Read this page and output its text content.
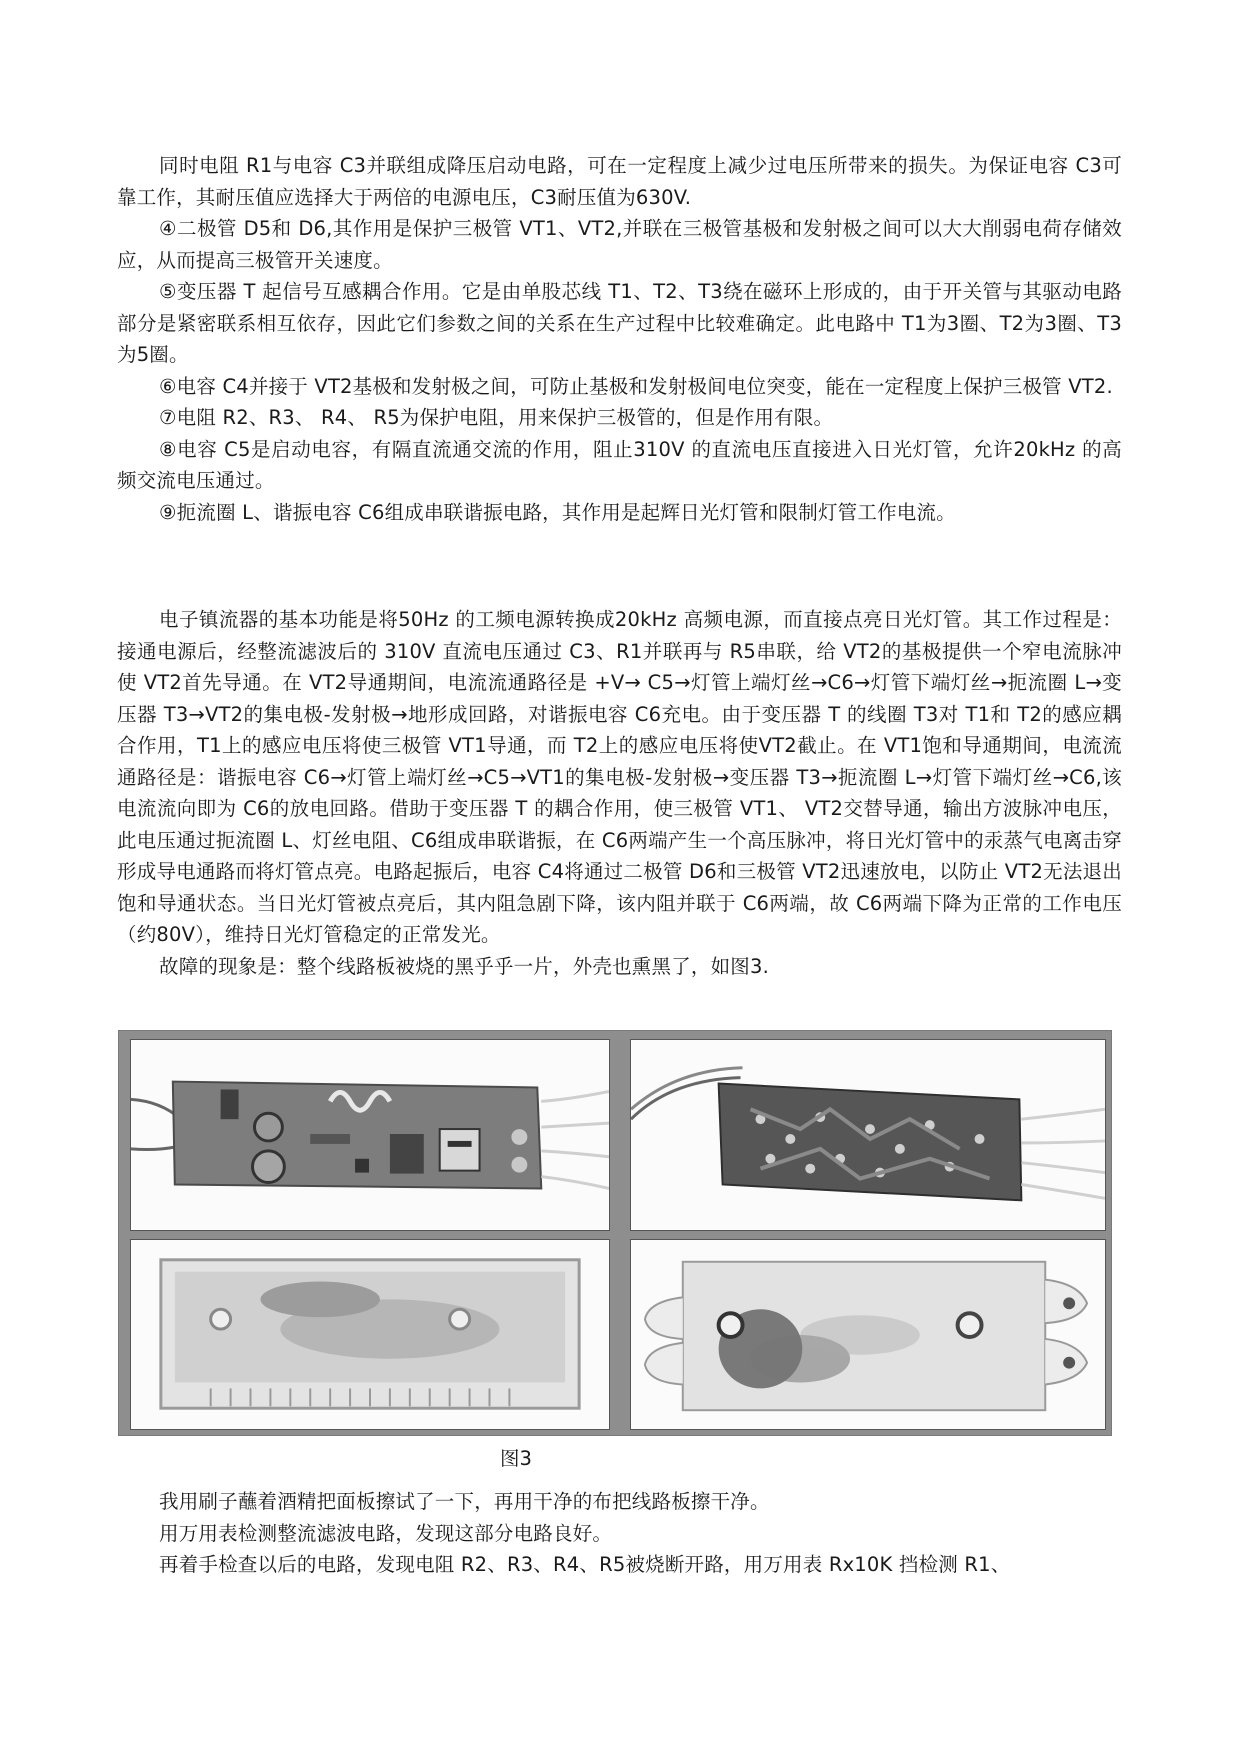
同时电阻 R1与电容 C3并联组成降压启动电路，可在一定程度上减少过电压所带来的损失。为保证电容 C3可靠工作，其耐压值应选择大于两倍的电源电压，C3耐压值为630V.

④二极管 D5和 D6,其作用是保护三极管 VT1、VT2,并联在三极管基极和发射极之间可以大大削弱电荷存储效应，从而提高三极管开关速度。

⑤变压器 T 起信号互感耦合作用。它是由单股芯线 T1、T2、T3绕在磁环上形成的，由于开关管与其驱动电路部分是紧密联系相互依存，因此它们参数之间的关系在生产过程中比较难确定。此电路中 T1为3圈、T2为3圈、T3为5圈。

⑥电容 C4并接于 VT2基极和发射极之间，可防止基极和发射极间电位突变，能在一定程度上保护三极管 VT2.

⑦电阻 R2、R3、 R4、 R5为保护电阻，用来保护三极管的，但是作用有限。

⑧电容 C5是启动电容，有隔直流通交流的作用，阻止310V 的直流电压直接进入日光灯管，允许20kHz 的高频交流电压通过。

⑨扼流圈 L、谐振电容 C6组成串联谐振电路，其作用是起辉日光灯管和限制灯管工作电流。

电子镇流器的基本功能是将50Hz 的工频电源转换成20kHz 高频电源，而直接点亮日光灯管。其工作过程是：接通电源后，经整流滤波后的 310V 直流电压通过 C3、R1并联再与 R5串联，给 VT2的基极提供一个窄电流脉冲使 VT2首先导通。在 VT2导通期间，电流流通路径是 +V→ C5→灯管上端灯丝→C6→灯管下端灯丝→扼流圈 L→变压器 T3→VT2的集电极-发射极→地形成回路，对谐振电容 C6充电。由于变压器 T 的线圈 T3对 T1和 T2的感应耦合作用，T1上的感应电压将使三极管 VT1导通，而 T2上的感应电压将使VT2截止。在 VT1饱和导通期间，电流流通路径是：谐振电容 C6→灯管上端灯丝→C5→VT1的集电极-发射极→变压器 T3→扼流圈 L→灯管下端灯丝→C6,该电流流向即为 C6的放电回路。借助于变压器 T 的耦合作用，使三极管 VT1、 VT2交替导通，输出方波脉冲电压，此电压通过扼流圈 L、灯丝电阻、C6组成串联谐振，在 C6两端产生一个高压脉冲，将日光灯管中的汞蒸气电离击穿形成导电通路而将灯管点亮。电路起振后，电容 C4将通过二极管 D6和三极管 VT2迅速放电，以防止 VT2无法退出饱和导通状态。当日光灯管被点亮后，其内阻急剧下降，该内阻并联于 C6两端，故 C6两端下降为正常的工作电压（约80V），维持日光灯管稳定的正常发光。

故障的现象是：整个线路板被烧的黑乎乎一片，外壳也熏黑了，如图3.

图3

我用刷子蘸着酒精把面板擦试了一下，再用干净的布把线路板擦干净。

用万用表检测整流滤波电路，发现这部分电路良好。

再着手检查以后的电路，发现电阻 R2、R3、R4、R5被烧断开路，用万用表 Rx10K 挡检测 R1、
